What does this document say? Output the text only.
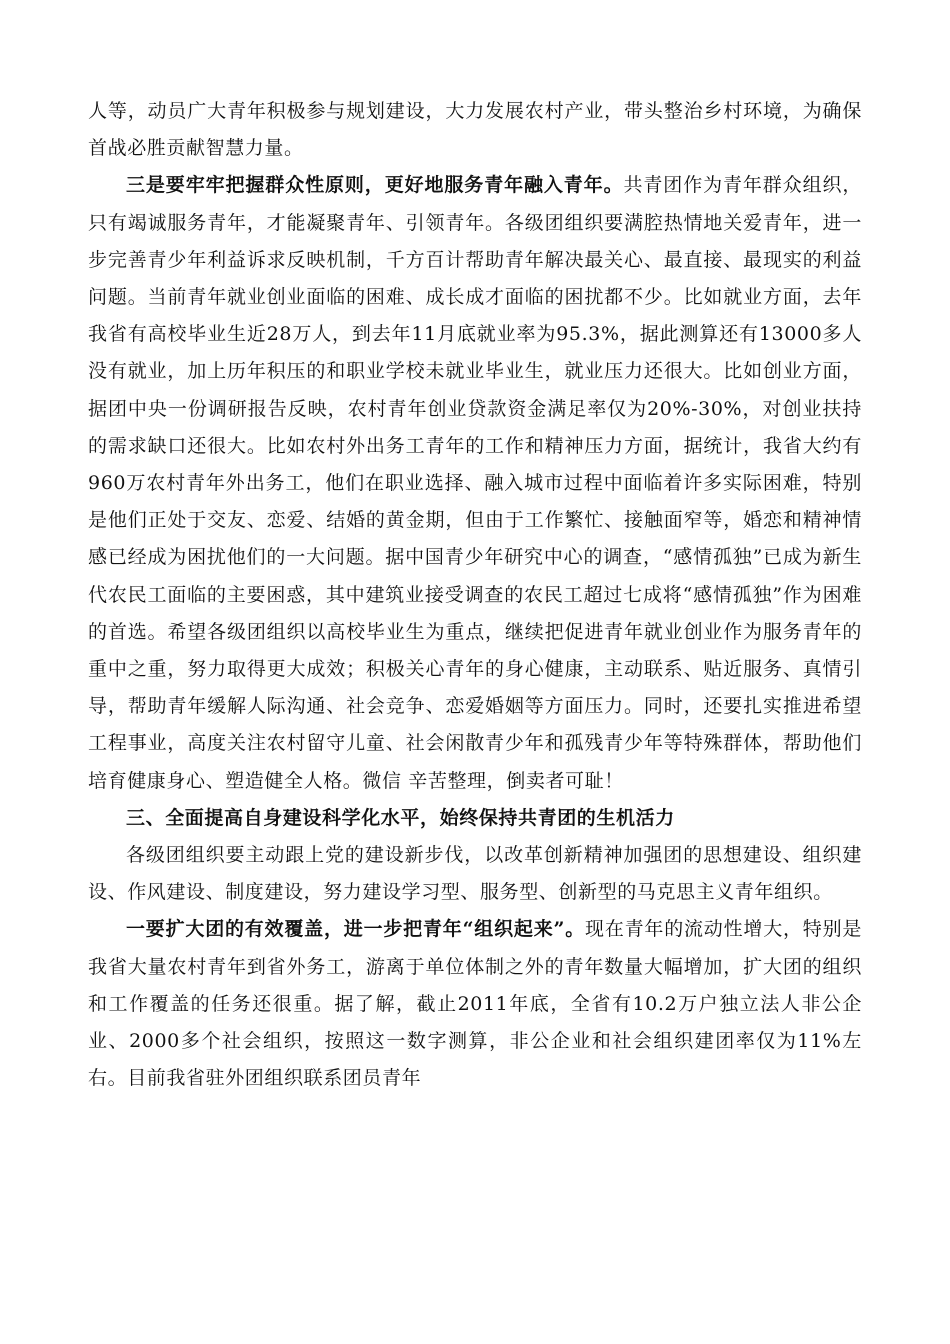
人等，动员广大青年积极参与规划建设，大力发展农村产业，带头整治乡村环境，为确保首战必胜贡献智慧力量。

三是要牢牢把握群众性原则，更好地服务青年融入青年。共青团作为青年群众组织，只有竭诚服务青年，才能凝聚青年、引领青年。各级团组织要满腔热情地关爱青年，进一步完善青少年利益诉求反映机制，千方百计帮助青年解决最关心、最直接、最现实的利益问题。当前青年就业创业面临的困难、成长成才面临的困扰都不少。比如就业方面，去年我省有高校毕业生近28万人，到去年11月底就业率为95.3%，据此测算还有13000多人没有就业，加上历年积压的和职业学校未就业毕业生，就业压力还很大。比如创业方面，据团中央一份调研报告反映，农村青年创业贷款资金满足率仅为20%-30%，对创业扶持的需求缺口还很大。比如农村外出务工青年的工作和精神压力方面，据统计，我省大约有960万农村青年外出务工，他们在职业选择、融入城市过程中面临着许多实际困难，特别是他们正处于交友、恋爱、结婚的黄金期，但由于工作繁忙、接触面窄等，婚恋和精神情感已经成为困扰他们的一大问题。据中国青少年研究中心的调查，“感情孤独”已成为新生代农民工面临的主要困惑，其中建筑业接受调查的农民工超过七成将“感情孤独”作为困难的首选。希望各级团组织以高校毕业生为重点，继续把促进青年就业创业作为服务青年的重中之重，努力取得更大成效；积极关心青年的身心健康，主动联系、贴近服务、真情引导，帮助青年缓解人际沟通、社会竞争、恋爱婚姻等方面压力。同时，还要扎实推进希望工程事业，高度关注农村留守儿童、社会闲散青少年和孤残青少年等特殊群体，帮助他们培育健康身心、塑造健全人格。微信 辛苦整理，倒卖者可耻！

三、全面提高自身建设科学化水平，始终保持共青团的生机活力

各级团组织要主动跟上党的建设新步伐，以改革创新精神加强团的思想建设、组织建设、作风建设、制度建设，努力建设学习型、服务型、创新型的马克思主义青年组织。

一要扩大团的有效覆盖，进一步把青年“组织起来”。现在青年的流动性增大，特别是我省大量农村青年到省外务工，游离于单位体制之外的青年数量大幅增加，扩大团的组织和工作覆盖的任务还很重。据了解，截止2011年底，全省有10.2万户独立法人非公企业、2000多个社会组织，按照这一数字测算，非公企业和社会组织建团率仅为11%左右。目前我省驻外团组织联系团员青年
